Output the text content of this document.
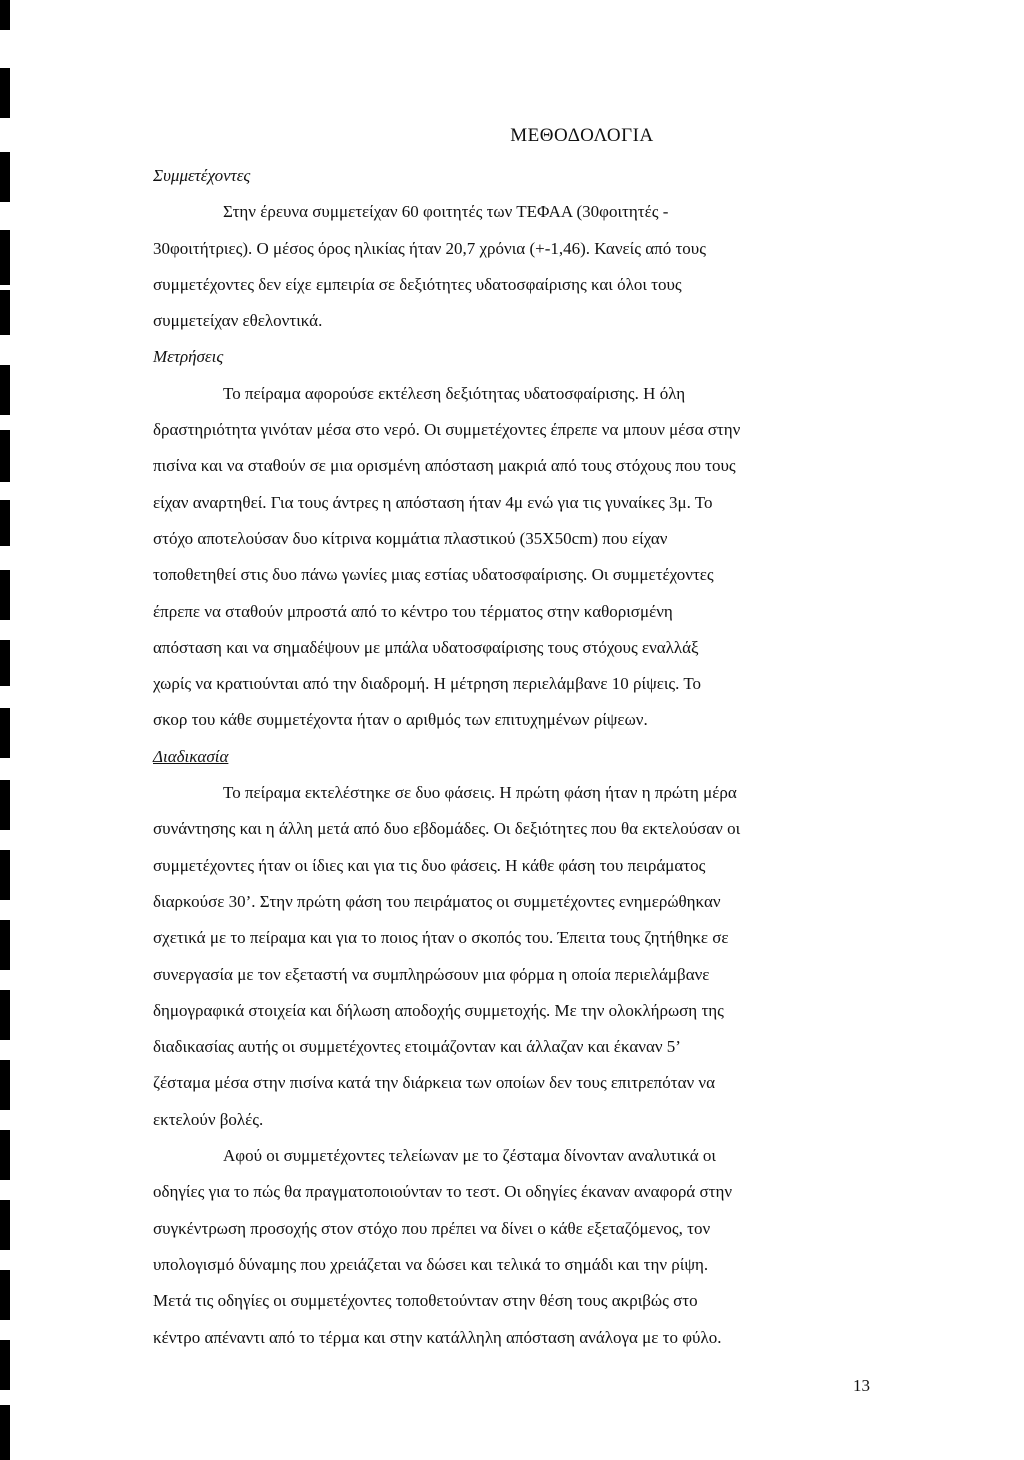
ΜΕΘΟΔΟΛΟΓΙΑ
Συμμετέχοντες
Στην έρευνα συμμετείχαν 60 φοιτητές των ΤΕΦΑΑ (30φοιτητές -
30φοιτήτριες). Ο μέσος όρος ηλικίας ήταν 20,7 χρόνια (+-1,46). Κανείς από τους
συμμετέχοντες δεν είχε εμπειρία σε δεξιότητες υδατοσφαίρισης και όλοι τους
συμμετείχαν εθελοντικά.
Μετρήσεις
Το πείραμα αφορούσε εκτέλεση δεξιότητας υδατοσφαίρισης. Η όλη
δραστηριότητα γινόταν μέσα στο νερό. Οι συμμετέχοντες έπρεπε να μπουν μέσα στην
πισίνα και να σταθούν σε μια ορισμένη απόσταση μακριά από τους στόχους που τους
είχαν αναρτηθεί. Για τους άντρες η απόσταση ήταν 4μ ενώ για τις γυναίκες 3μ. Το
στόχο αποτελούσαν δυο κίτρινα κομμάτια πλαστικού (35Χ50cm) που είχαν
τοποθετηθεί στις δυο πάνω γωνίες μιας εστίας υδατοσφαίρισης. Οι συμμετέχοντες
έπρεπε να σταθούν μπροστά από το κέντρο του τέρματος στην καθορισμένη
απόσταση και να σημαδέψουν με μπάλα υδατοσφαίρισης τους στόχους εναλλάξ
χωρίς να κρατιούνται από την διαδρομή. Η μέτρηση περιελάμβανε 10 ρίψεις. Το
σκορ του κάθε συμμετέχοντα ήταν ο αριθμός των επιτυχημένων ρίψεων.
Διαδικασία
Το πείραμα εκτελέστηκε σε δυο φάσεις. Η πρώτη φάση ήταν η πρώτη μέρα
συνάντησης και η άλλη μετά από δυο εβδομάδες. Οι δεξιότητες που θα εκτελούσαν οι
συμμετέχοντες ήταν οι ίδιες και για τις δυο φάσεις. Η κάθε φάση του πειράματος
διαρκούσε 30’. Στην πρώτη φάση του πειράματος οι συμμετέχοντες ενημερώθηκαν
σχετικά με το πείραμα και για το ποιος ήταν ο σκοπός του. Έπειτα τους ζητήθηκε σε
συνεργασία με τον εξεταστή να συμπληρώσουν μια φόρμα η οποία περιελάμβανε
δημογραφικά στοιχεία και δήλωση αποδοχής συμμετοχής. Με την ολοκλήρωση της
διαδικασίας αυτής οι συμμετέχοντες ετοιμάζονταν και άλλαζαν και έκαναν 5’
ζέσταμα μέσα στην πισίνα κατά την διάρκεια των οποίων δεν τους επιτρεπόταν να
εκτελούν βολές.
Αφού οι συμμετέχοντες τελείωναν με το ζέσταμα δίνονταν αναλυτικά οι
οδηγίες για το πώς θα πραγματοποιούνταν το τεστ. Οι οδηγίες έκαναν αναφορά στην
συγκέντρωση προσοχής στον στόχο που πρέπει να δίνει ο κάθε εξεταζόμενος, τον
υπολογισμό δύναμης που χρειάζεται να δώσει και τελικά το σημάδι και την ρίψη.
Μετά τις οδηγίες οι συμμετέχοντες τοποθετούνταν στην θέση τους ακριβώς στο
κέντρο απέναντι από το τέρμα και στην κατάλληλη απόσταση ανάλογα με το φύλο.
13
